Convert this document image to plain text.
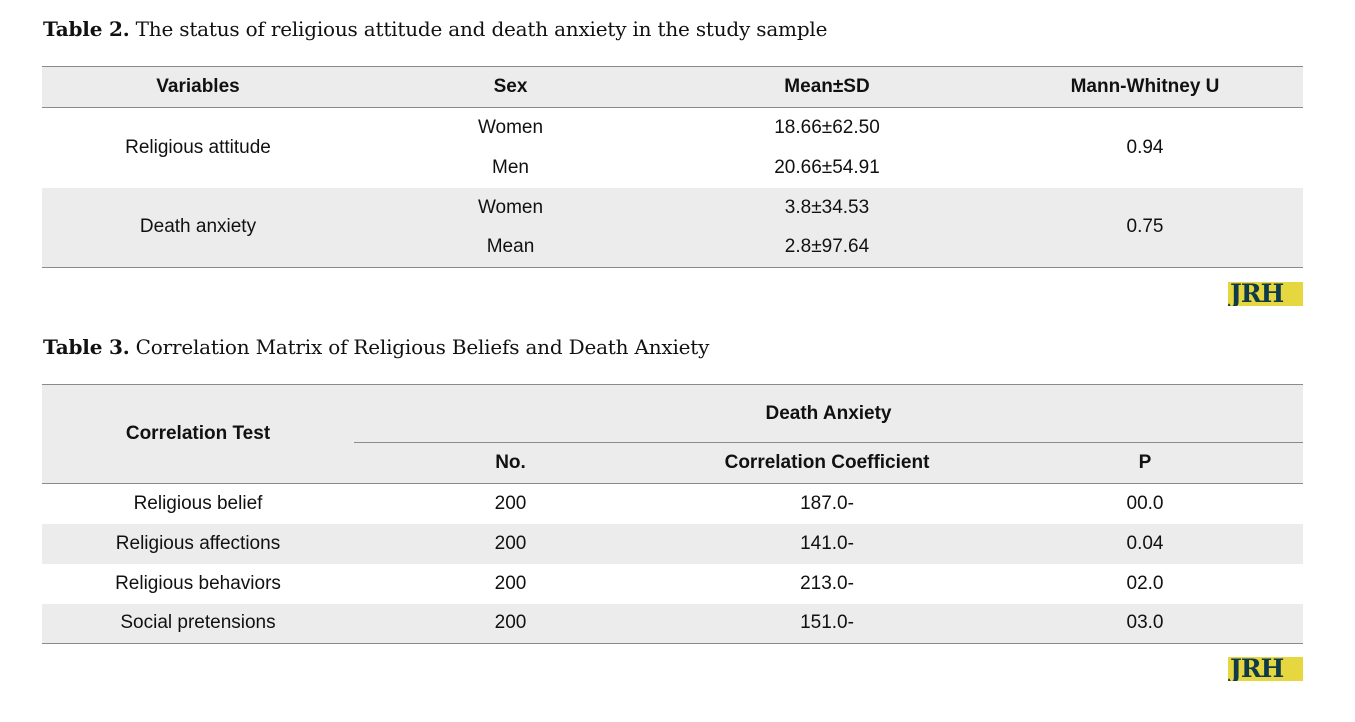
Table 2. The status of religious attitude and death anxiety in the study sample
Variables	Sex	Mean±SD	Mann-Whitney U
Religious attitude	Women	18.66±62.50	0.94
	Men	20.66±54.91	
Death anxiety	Women	3.8±34.53	0.75
	Mean	2.8±97.64	
JRH
Table 3. Correlation Matrix of Religious Beliefs and Death Anxiety
Correlation Test	Death Anxiety		
	No.	Correlation Coefficient	P
Religious belief	200	187.0-	00.0
Religious affections	200	141.0-	0.04
Religious behaviors	200	213.0-	02.0
Social pretensions	200	151.0-	03.0
JRH
